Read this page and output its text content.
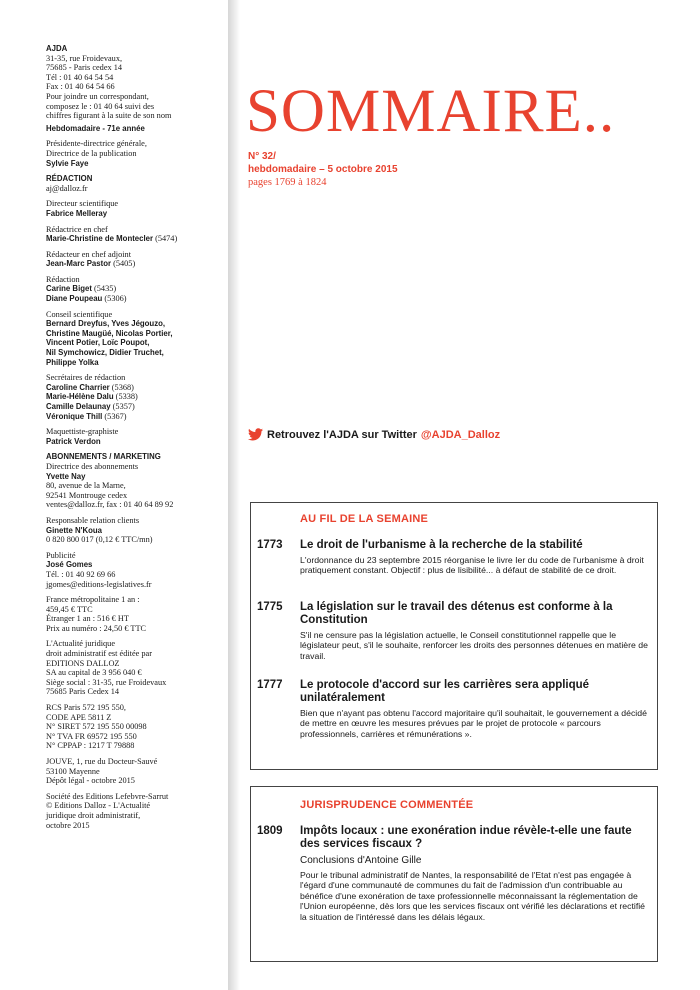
AJDA

31-35, rue Froidevaux,

75685 - Paris cedex 14

Tél : 01 40 64 54 54

Fax : 01 40 64 54 66

Pour joindre un correspondant,

composez le : 01 40 64 suivi des

chiffres figurant à la suite de son nom

Hebdomadaire - 71e année

Présidente-directrice générale,

Directrice de la publication

Sylvie Faye

RÉDACTION

aj@dalloz.fr

Directeur scientifique

Fabrice Melleray

Rédactrice en chef

Marie-Christine de Montecler (5474)

Rédacteur en chef adjoint

Jean-Marc Pastor (5405)

Rédaction

Carine Biget (5435)

Diane Poupeau (5306)

Conseil scientifique

Bernard Dreyfus, Yves Jégouzo,

Christine Maugüé, Nicolas Portier,

Vincent Potier, Loïc Poupot,

Nil Symchowicz, Didier Truchet,

Philippe Yolka

Secrétaires de rédaction

Caroline Charrier (5368)

Marie-Hélène Dalu (5338)

Camille Delaunay (5357)

Véronique Thill (5367)

Maquettiste-graphiste

Patrick Verdon

ABONNEMENTS / MARKETING

Directrice des abonnements

Yvette Nay

80, avenue de la Marne,

92541 Montrouge cedex

ventes@dalloz.fr, fax : 01 40 64 89 92

Responsable relation clients

Ginette N'Koua

0 820 800 017 (0,12 € TTC/mn)

Publicité

José Gomes

Tél. : 01 40 92 69 66

jgomes@editions-legislatives.fr

France métropolitaine 1 an :

459,45 € TTC

Étranger 1 an : 516 € HT

Prix au numéro : 24,50 € TTC

L'Actualité juridique

droit administratif est éditée par

EDITIONS DALLOZ

SA au capital de 3 956 040 €

Siège social : 31-35, rue Froidevaux

75685 Paris Cedex 14

RCS Paris 572 195 550,

CODE APE 5811 Z

N° SIRET 572 195 550 00098

N° TVA FR 69572 195 550

N° CPPAP : 1217 T 79888

JOUVE, 1, rue du Docteur-Sauvé

53100 Mayenne

Dépôt légal - octobre 2015

Société des Editions Lefebvre-Sarrut

© Editions Dalloz - L'Actualité

juridique droit administratif,

octobre 2015

SOMMAIRE..

N° 32/

hebdomadaire – 5 octobre 2015

pages 1769 à 1824

Retrouvez l'AJDA sur Twitter @AJDA_Dalloz
AU FIL DE LA SEMAINE
1773 Le droit de l'urbanisme à la recherche de la stabilité
L'ordonnance du 23 septembre 2015 réorganise le livre Ier du code de l'urbanisme à droit pratiquement constant. Objectif : plus de lisibilité... à défaut de stabilité de ce droit.
1775 La législation sur le travail des détenus est conforme à la Constitution
S'il ne censure pas la législation actuelle, le Conseil constitutionnel rappelle que le législateur peut, s'il le souhaite, renforcer les droits des personnes détenues en matière de travail.
1777 Le protocole d'accord sur les carrières sera appliqué unilatéralement
Bien que n'ayant pas obtenu l'accord majoritaire qu'il souhaitait, le gouvernement a décidé de mettre en œuvre les mesures prévues par le projet de protocole « parcours professionnels, carrières et rémunérations ».
JURISPRUDENCE COMMENTÉE
1809 Impôts locaux : une exonération indue révèle-t-elle une faute des services fiscaux ?
Conclusions d'Antoine Gille
Pour le tribunal administratif de Nantes, la responsabilité de l'Etat n'est pas engagée à l'égard d'une communauté de communes du fait de l'admission d'un contribuable au bénéfice d'une exonération de taxe professionnelle méconnaissant la réglementation de l'Union européenne, dès lors que les services fiscaux ont vérifié les déclarations et rectifié la situation de l'intéressé dans les délais légaux.
